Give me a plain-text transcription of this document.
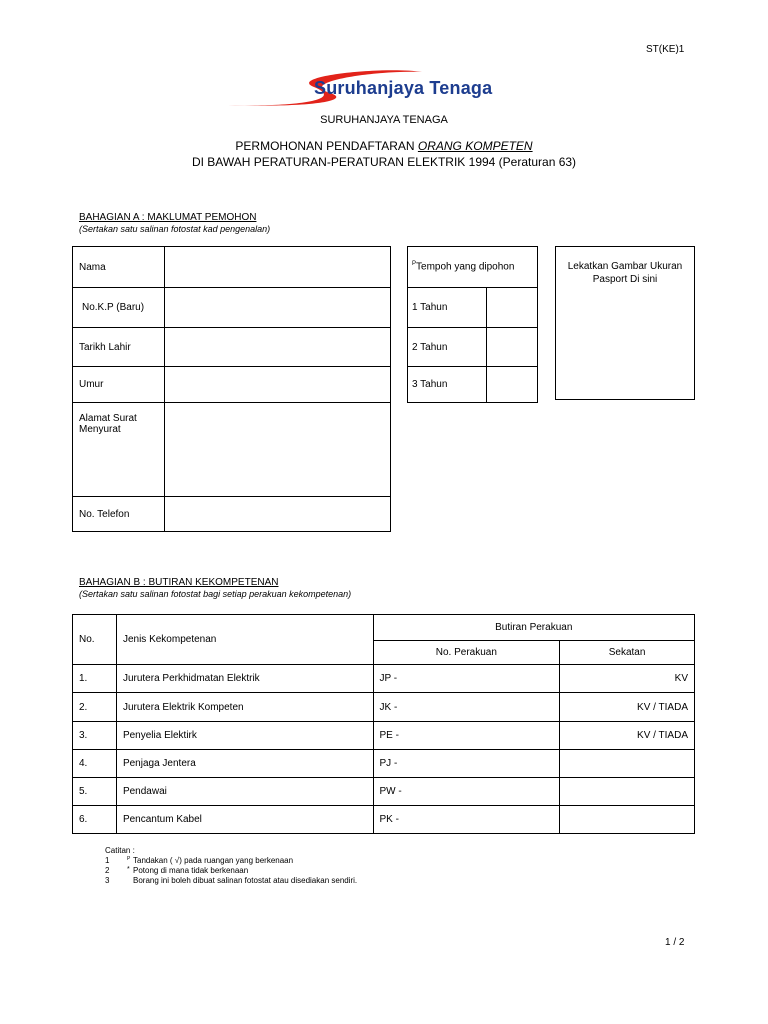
ST(KE)1
Suruhanjaya Tenaga
SURUHANJAYA TENAGA
PERMOHONAN PENDAFTARAN ORANG KOMPETEN
DI BAWAH PERATURAN-PERATURAN ELEKTRIK 1994 (Peraturan 63)
BAHAGIAN A : MAKLUMAT PEMOHON
(Sertakan satu salinan fotostat kad pengenalan)
Nama	
No.K.P (Baru)	
Tarikh Lahir	
Umur	
Alamat Surat Menyurat	
No. Telefon	
$^P$Tempoh yang dipohon	
1 Tahun	
2 Tahun	
3 Tahun	
Lekatkan Gambar Ukuran Pasport Di sini
BAHAGIAN B : BUTIRAN KEKOMPETENAN
(Sertakan satu salinan fotostat bagi setiap perakuan kekompetenan)
No.	Jenis Kekompetenan	Butiran Perakuan	
		No. Perakuan	Sekatan
1.	Jurutera Perkhidmatan Elektrik	JP -	KV
2.	Jurutera Elektrik Kompeten	JK -	KV / TIADA
3.	Penyelia Elektirk	PE -	KV / TIADA
4.	Penjaga Jentera	PJ -	
5.	Pendawai	PW -	
6.	Pencantum Kabel	PK -	
Catitan :
1	$^P$	Tandakan ( √) pada ruangan yang berkenaan
2	*	Potong di mana tidak berkenaan
3		Borang ini boleh dibuat salinan fotostat atau disediakan sendiri.
1 / 2
